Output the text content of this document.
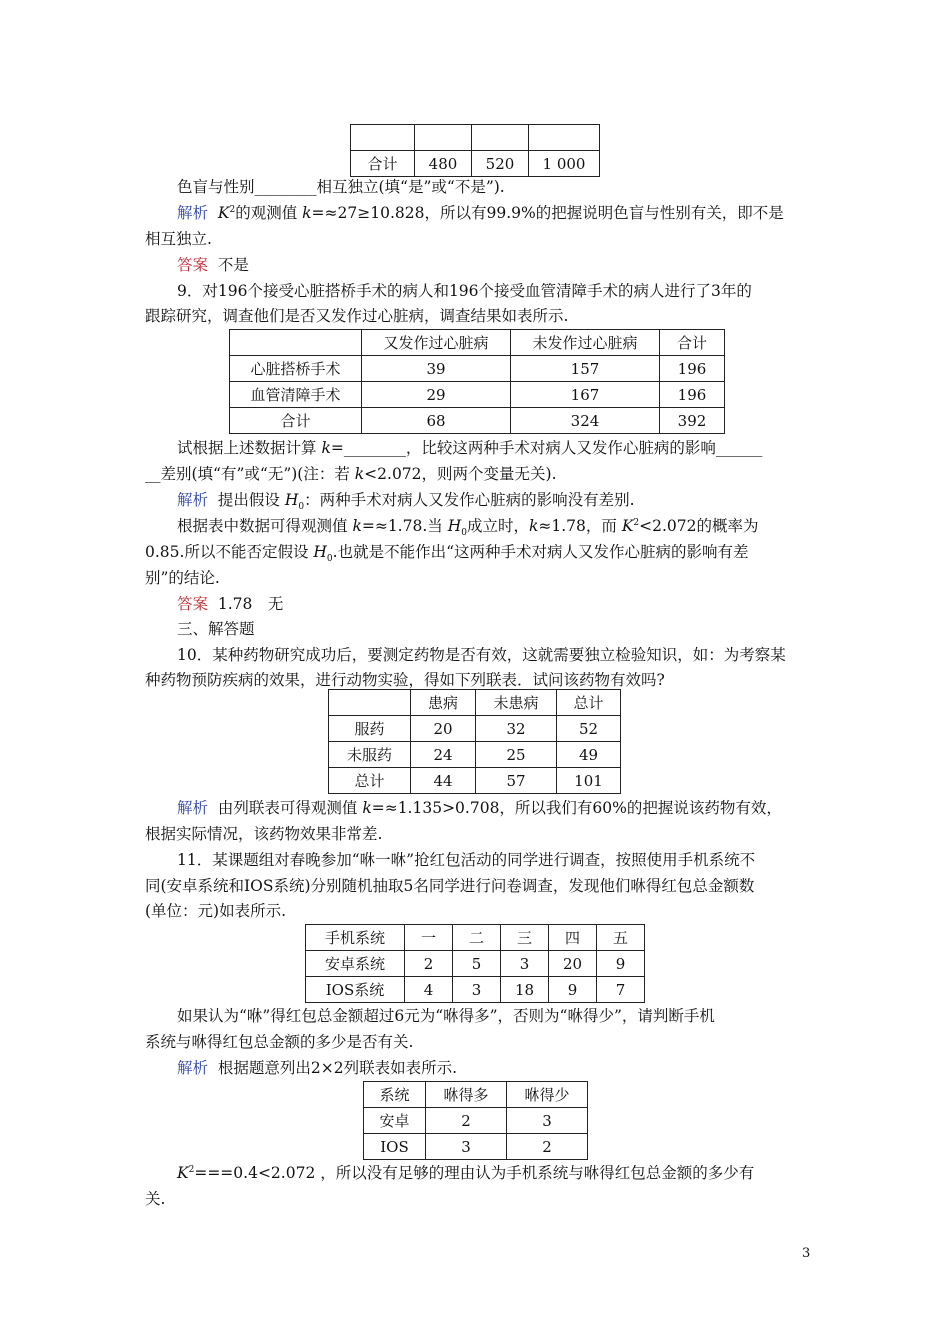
合计	480	520	1 000
色盲与性别________相互独立(填“是”或“不是”).
解析 $K^2$的观测值 k=≈27≥10.828，所以有99.9%的把握说明色盲与性别有关，即不是
相互独立.
答案 不是
9．对196个接受心脏搭桥手术的病人和196个接受血管清障手术的病人进行了3年的
跟踪研究，调查他们是否又发作过心脏病，调查结果如表所示.
	又发作过心脏病	未发作过心脏病	合计
心脏搭桥手术	39	157	196
血管清障手术	29	167	196
合计	68	324	392
试根据上述数据计算 k=________，比较这两种手术对病人又发作心脏病的影响______
__差别(填“有”或“无”)(注：若 k<2.072，则两个变量无关).
解析 提出假设 $H_0$：两种手术对病人又发作心脏病的影响没有差别.
根据表中数据可得观测值 k=≈1.78.当 $H_0$成立时，k≈1.78，而 $K^2<2.072$的概率为
0.85.所以不能否定假设 $H_0$.也就是不能作出“这两种手术对病人又发作心脏病的影响有差
别”的结论.
答案 1.78　无
三、解答题
10．某种药物研究成功后，要测定药物是否有效，这就需要独立检验知识，如：为考察某
种药物预防疾病的效果，进行动物实验，得如下列联表．试问该药物有效吗?
	患病	未患病	总计
服药	20	32	52
未服药	24	25	49
总计	44	57	101
解析 由列联表可得观测值 k=≈1.135>0.708，所以我们有60%的把握说该药物有效，
根据实际情况，该药物效果非常差.
11．某课题组对春晚参加“咻一咻”抢红包活动的同学进行调查，按照使用手机系统不
同(安卓系统和IOS系统)分别随机抽取5名同学进行问卷调查，发现他们咻得红包总金额数
(单位：元)如表所示.
手机系统	一	二	三	四	五
安卓系统	2	5	3	20	9
IOS系统	4	3	18	9	7
如果认为“咻”得红包总金额超过6元为“咻得多”，否则为“咻得少”，请判断手机
系统与咻得红包总金额的多少是否有关.
解析 根据题意列出2×2列联表如表所示.
系统	咻得多	咻得少
安卓	2	3
IOS	3	2
$K^2===0.4<2.072$ ，所以没有足够的理由认为手机系统与咻得红包总金额的多少有
关.
3
